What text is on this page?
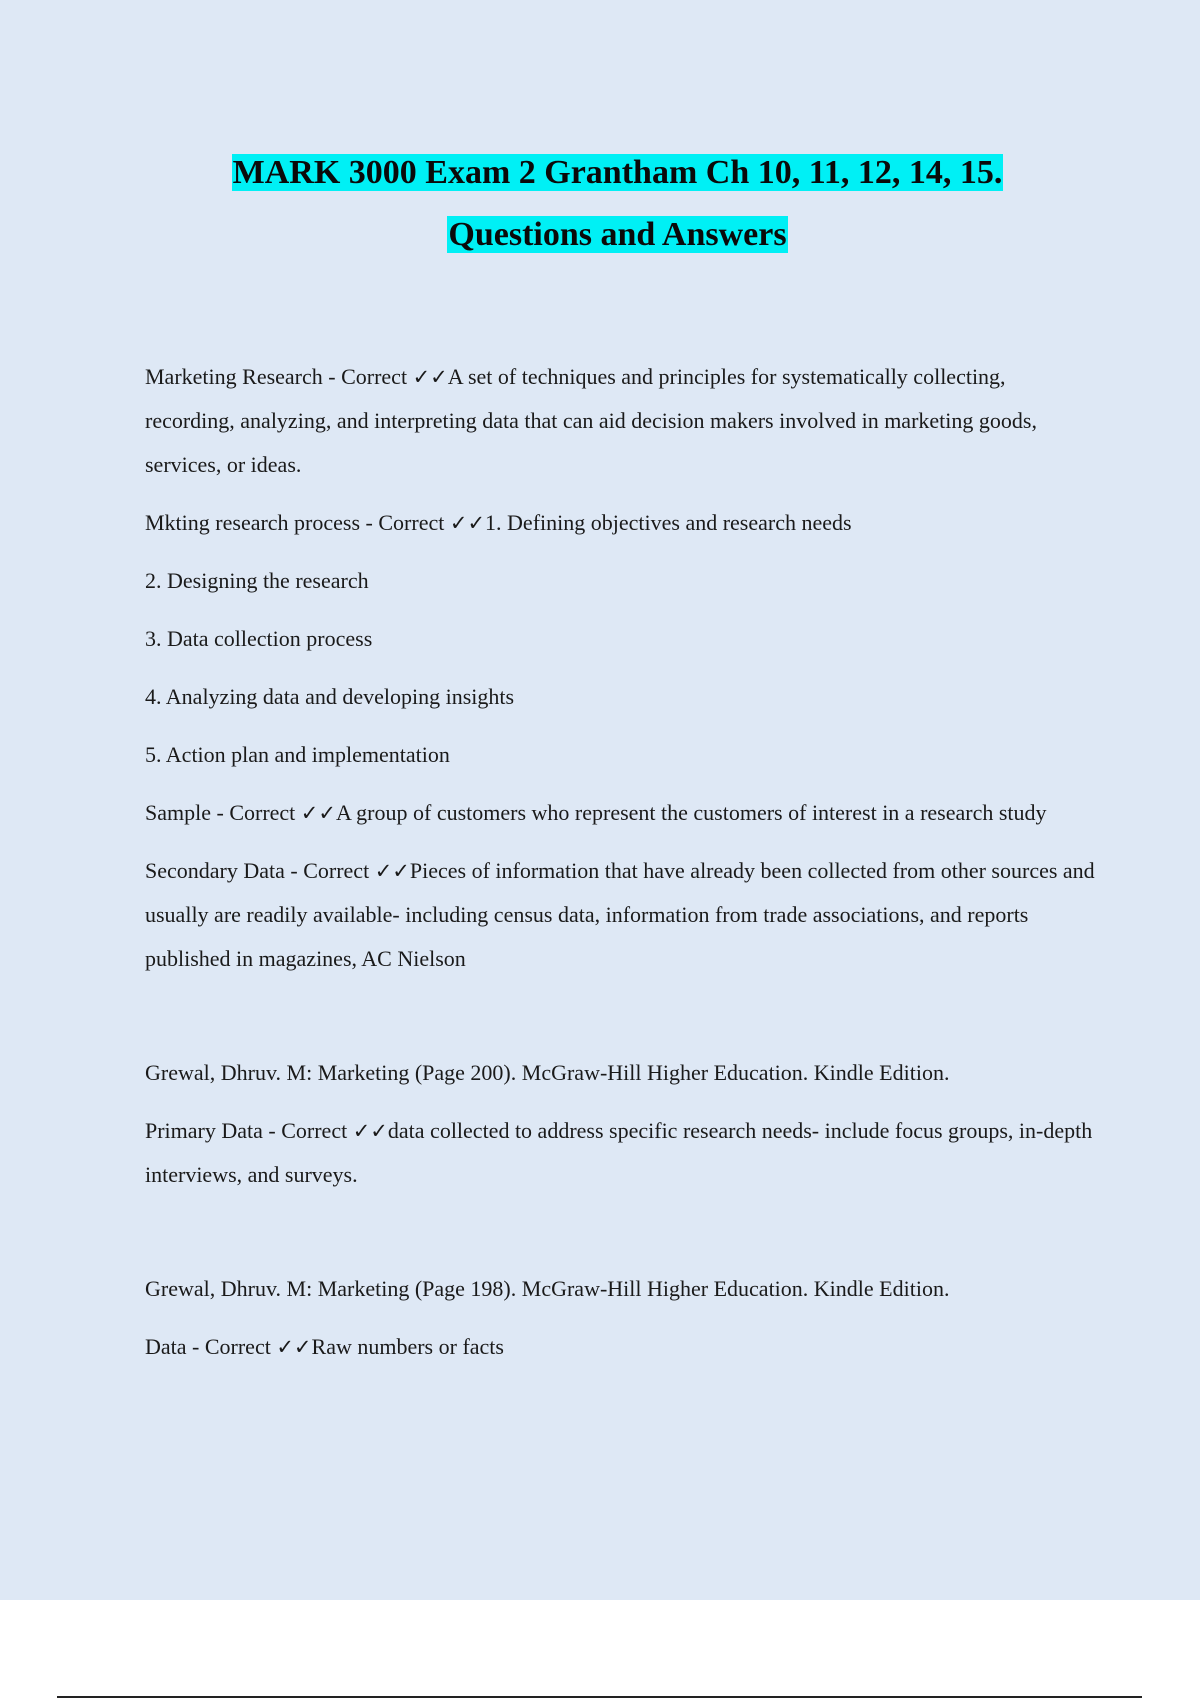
MARK 3000 Exam 2 Grantham Ch 10, 11, 12, 14, 15.
Questions and Answers

Marketing Research - Correct ✓✓A set of techniques and principles for systematically collecting, recording, analyzing, and interpreting data that can aid decision makers involved in marketing goods, services, or ideas.

Mkting research process - Correct ✓✓1. Defining objectives and research needs

2. Designing the research

3. Data collection process

4. Analyzing data and developing insights

5. Action plan and implementation

Sample - Correct ✓✓A group of customers who represent the customers of interest in a research study

Secondary Data - Correct ✓✓Pieces of information that have already been collected from other sources and usually are readily available- including census data, information from trade associations, and reports published in magazines, AC Nielson

Grewal, Dhruv. M: Marketing (Page 200). McGraw-Hill Higher Education. Kindle Edition.

Primary Data - Correct ✓✓data collected to address specific research needs- include focus groups, in-depth interviews, and surveys.

Grewal, Dhruv. M: Marketing (Page 198). McGraw-Hill Higher Education. Kindle Edition.

Data - Correct ✓✓Raw numbers or facts
